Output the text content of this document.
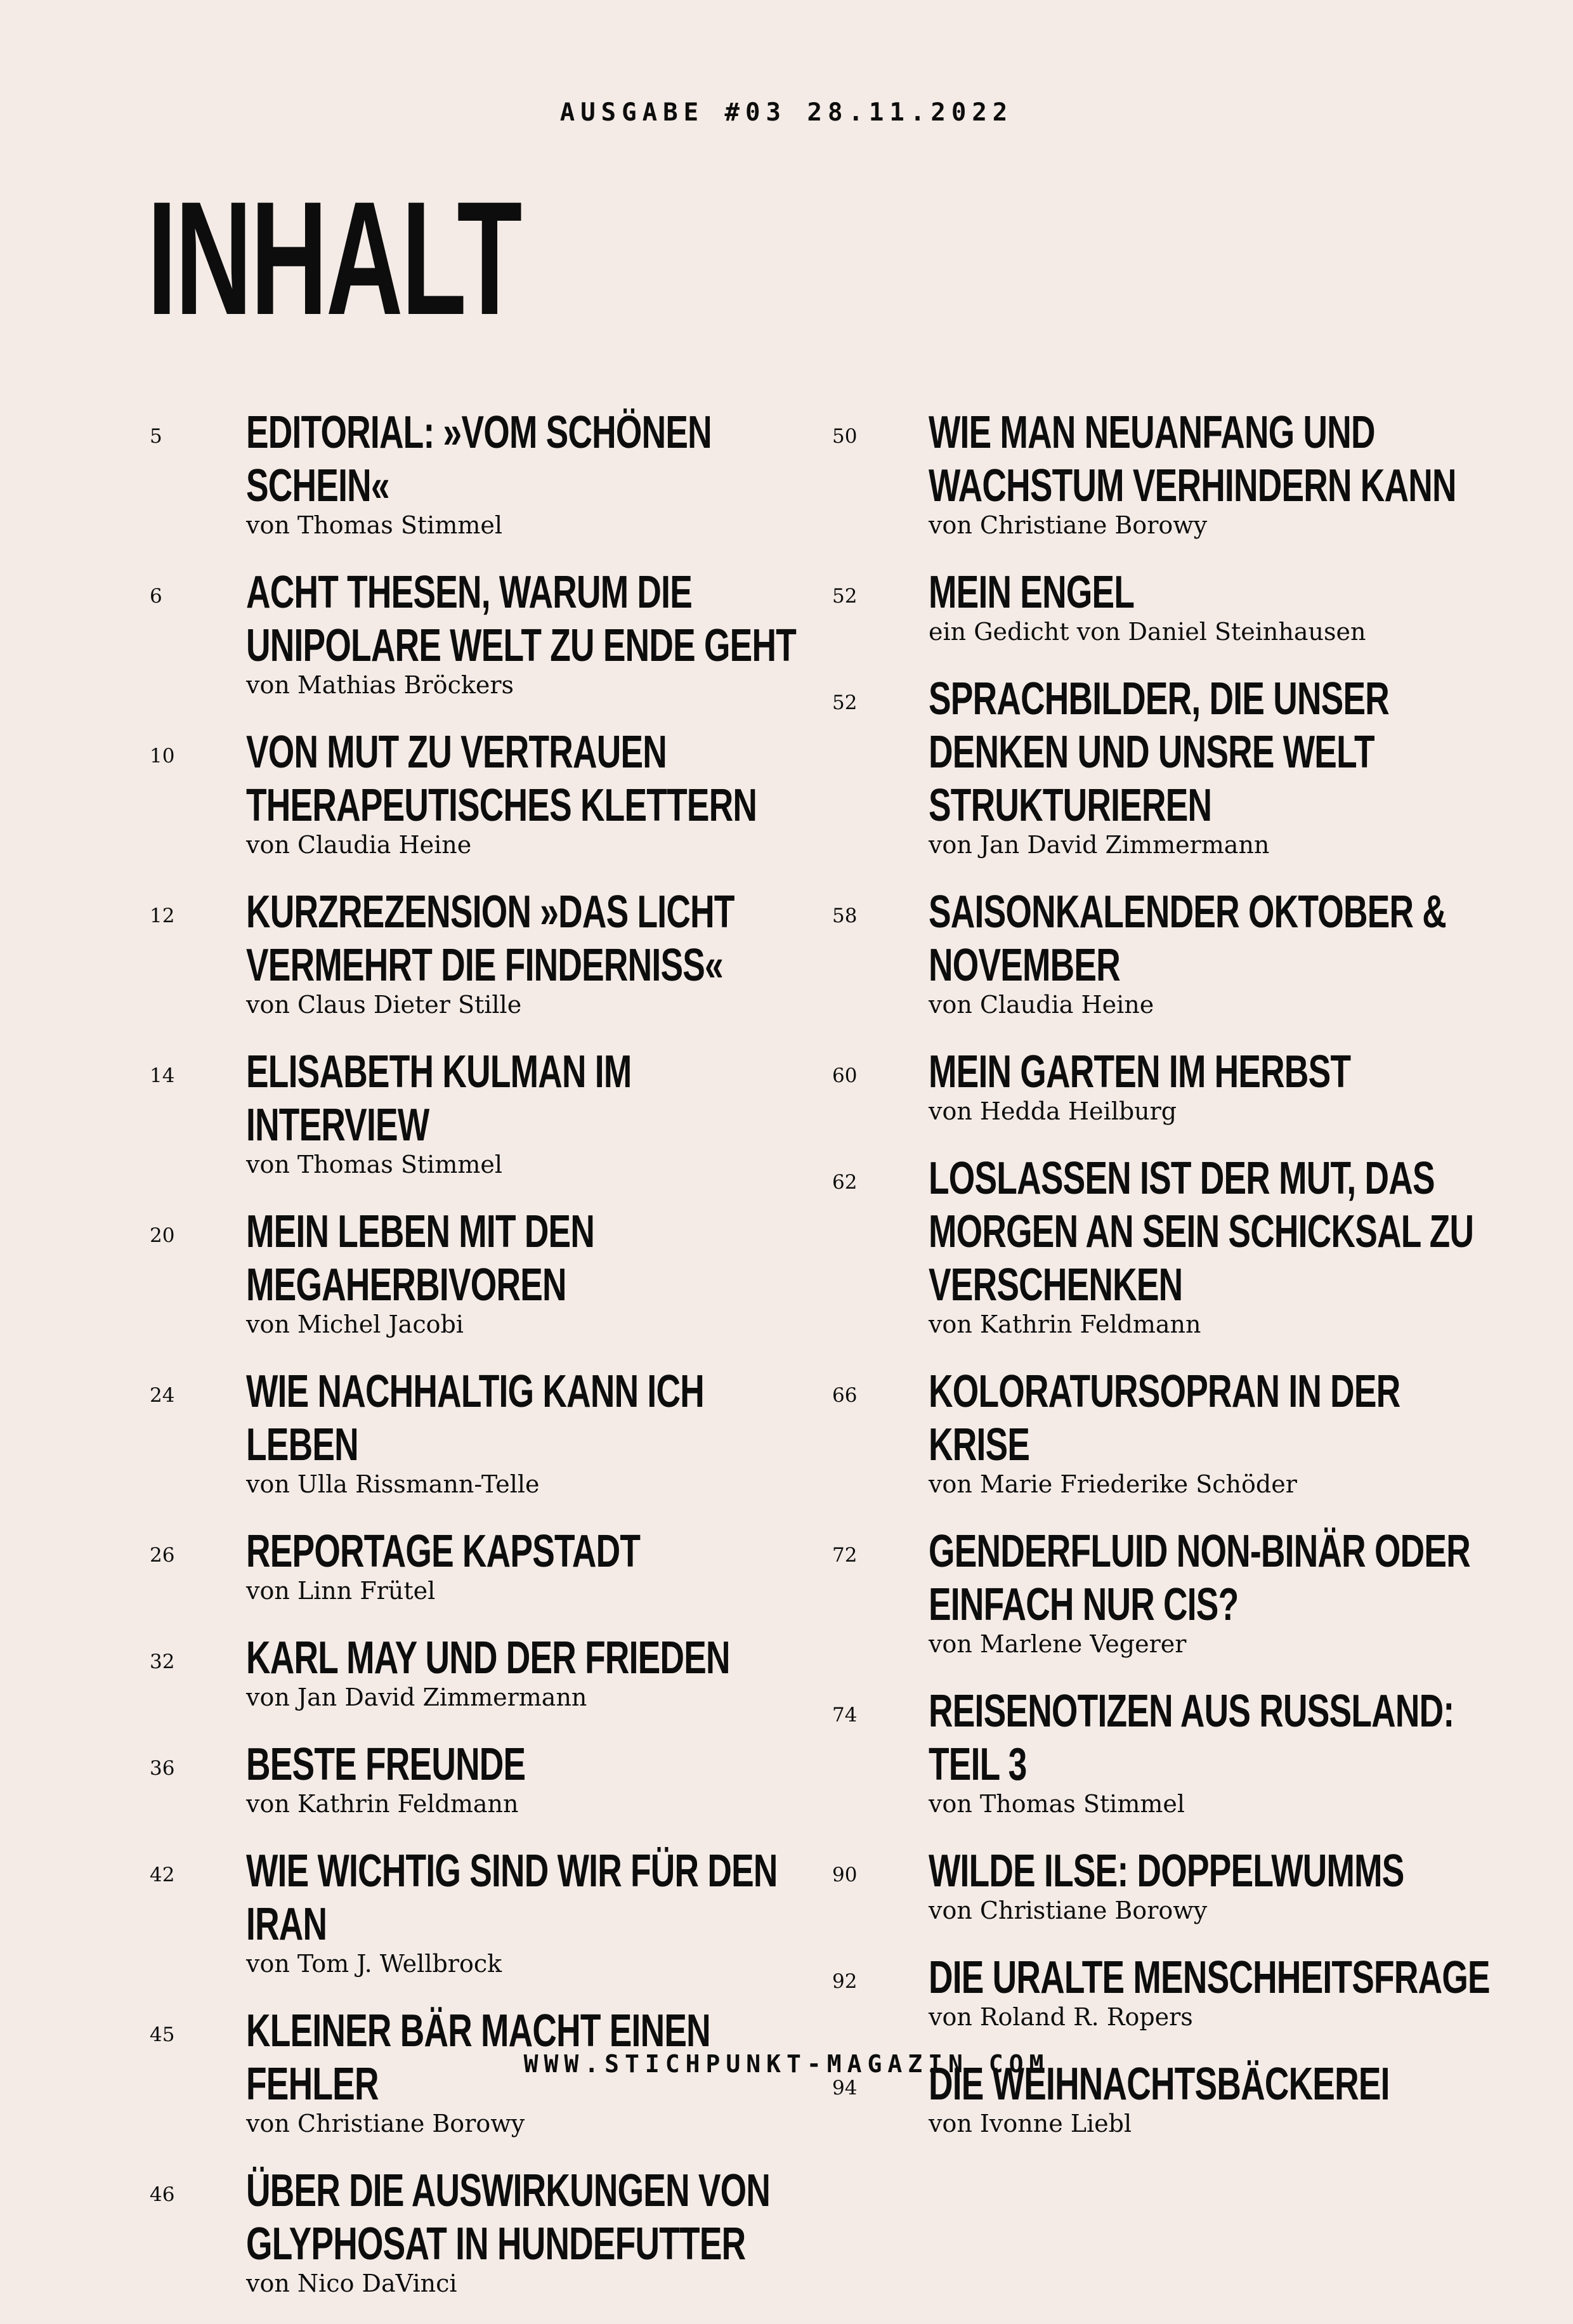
AUSGABE #03 28.11.2022
INHALT
5 EDITORIAL: »VOM SCHÖNEN SCHEIN«
von Thomas Stimmel
6 ACHT THESEN, WARUM DIE UNIPOLARE WELT ZU ENDE GEHT
von Mathias Bröckers
10 VON MUT ZU VERTRAUEN THERAPEUTISCHES KLETTERN
von Claudia Heine
12 KURZREZENSION »DAS LICHT VERMEHRT DIE FINDERNISS«
von Claus Dieter Stille
14 ELISABETH KULMAN IM INTERVIEW
von Thomas Stimmel
20 MEIN LEBEN MIT DEN MEGAHERBIVOREN
von Michel Jacobi
24 WIE NACHHALTIG KANN ICH LEBEN
von Ulla Rissmann-Telle
26 REPORTAGE KAPSTADT
von Linn Frütel
32 KARL MAY UND DER FRIEDEN
von Jan David Zimmermann
36 BESTE FREUNDE
von Kathrin Feldmann
42 WIE WICHTIG SIND WIR FÜR DEN IRAN
von Tom J. Wellbrock
45 KLEINER BÄR MACHT EINEN FEHLER
von Christiane Borowy
46 ÜBER DIE AUSWIRKUNGEN VON GLYPHOSAT IN HUNDEFUTTER
von Nico DaVinci
50 WIE MAN NEUANFANG UND WACHSTUM VERHINDERN KANN
von Christiane Borowy
52 MEIN ENGEL
ein Gedicht von Daniel Steinhausen
52 SPRACHBILDER, DIE UNSER DENKEN UND UNSRE WELT STRUKTURIEREN
von Jan David Zimmermann
58 SAISONKALENDER OKTOBER & NOVEMBER
von Claudia Heine
60 MEIN GARTEN IM HERBST
von Hedda Heilburg
62 LOSLASSEN IST DER MUT, DAS MORGEN AN SEIN SCHICKSAL ZU VERSCHENKEN
von Kathrin Feldmann
66 KOLORATURSOPRAN IN DER KRISE
von Marie Friederike Schöder
72 GENDERFLUID NON-BINÄR ODER EINFACH NUR CIS?
von Marlene Vegerer
74 REISENOTIZEN AUS RUSSLAND: TEIL 3
von Thomas Stimmel
90 WILDE ILSE: DOPPELWUMMS
von Christiane Borowy
92 DIE URALTE MENSCHHEITSFRAGE
von Roland R. Ropers
94 DIE WEIHNACHTSBÄCKEREI
von Ivonne Liebl
WWW.STICHPUNKT-MAGAZIN.COM
